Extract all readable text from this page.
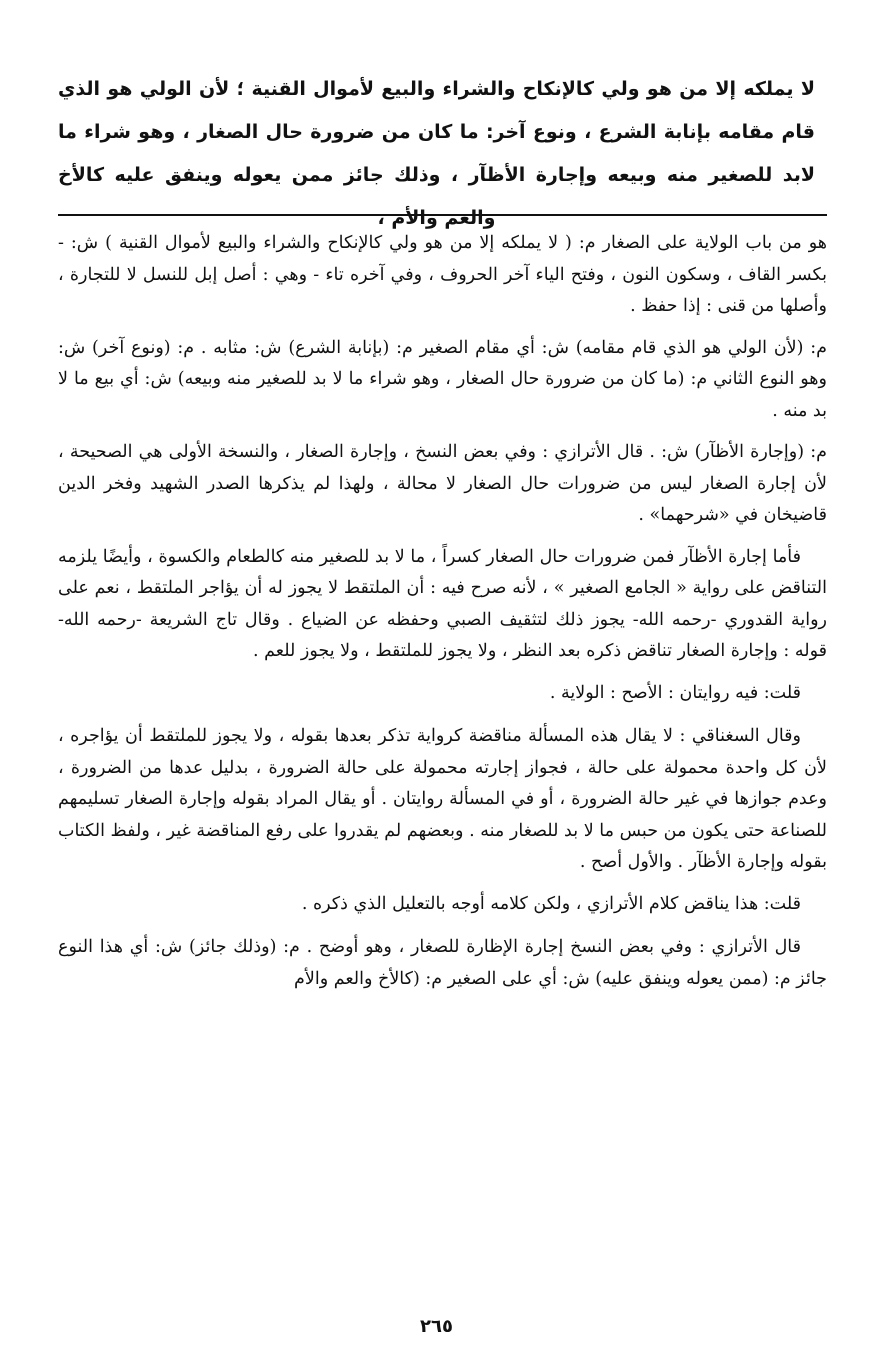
لا يملكه إلا من هو ولي كالإنكاح والشراء والبيع لأموال القنية ؛ لأن الولي هو الذي قام مقامه بإنابة الشرع ، ونوع آخر: ما كان من ضرورة حال الصغار ، وهو شراء ما لابد للصغير منه وبيعه وإجارة الأظآر ، وذلك جائز ممن يعوله وينفق عليه كالأخ والعم والأم ،

هو من باب الولاية على الصغار م: ( لا يملكه إلا من هو ولي كالإنكاح والشراء والبيع لأموال القنية ) ش: - بكسر القاف ، وسكون النون ، وفتح الياء آخر الحروف ، وفي آخره تاء - وهي : أصل إبل للنسل لا للتجارة ، وأصلها من قنى : إذا حفظ .

م: (لأن الولي هو الذي قام مقامه) ش: أي مقام الصغير م: (بإنابة الشرع) ش: مثابه . م: (ونوع آخر) ش: وهو النوع الثاني م: (ما كان من ضرورة حال الصغار ، وهو شراء ما لا بد للصغير منه وبيعه) ش: أي بيع ما لا بد منه .

م: (وإجارة الأظآر) ش: . قال الأترازي : وفي بعض النسخ ، وإجارة الصغار ، والنسخة الأولى هي الصحيحة ، لأن إجارة الصغار ليس من ضرورات حال الصغار لا محالة ، ولهذا لم يذكرها الصدر الشهيد وفخر الدين قاضيخان في «شرحهما» .

فأما إجارة الأظآر فمن ضرورات حال الصغار كسراً ، ما لا بد للصغير منه كالطعام والكسوة ، وأيضًا يلزمه التناقض على رواية « الجامع الصغير » ، لأنه صرح فيه : أن الملتقط لا يجوز له أن يؤاجر الملتقط ، نعم على رواية القدوري -رحمه الله- يجوز ذلك لتثقيف الصبي وحفظه عن الضياع . وقال تاج الشريعة -رحمه الله- قوله : وإجارة الصغار تناقض ذكره بعد النظر ، ولا يجوز للملتقط ، ولا يجوز للعم .

قلت: فيه روايتان : الأصح : الولاية .

وقال السغناقي : لا يقال هذه المسألة مناقضة كرواية تذكر بعدها بقوله ، ولا يجوز للملتقط أن يؤاجره ، لأن كل واحدة محمولة على حالة ، فجواز إجارته محمولة على حالة الضرورة ، بدليل عدها من الضرورة ، وعدم جوازها في غير حالة الضرورة ، أو في المسألة روايتان . أو يقال المراد بقوله وإجارة الصغار تسليمهم للصناعة حتى يكون من حبس ما لا بد للصغار منه . وبعضهم لم يقدروا على رفع المناقضة غير ، ولفظ الكتاب بقوله وإجارة الأظآر . والأول أصح .

قلت: هذا يناقض كلام الأترازي ، ولكن كلامه أوجه بالتعليل الذي ذكره .

قال الأترازي : وفي بعض النسخ إجارة الإظارة للصغار ، وهو أوضح . م: (وذلك جائز) ش: أي هذا النوع جائز م: (ممن يعوله وينفق عليه) ش: أي على الصغير م: (كالأخ والعم والأم

٢٦٥
